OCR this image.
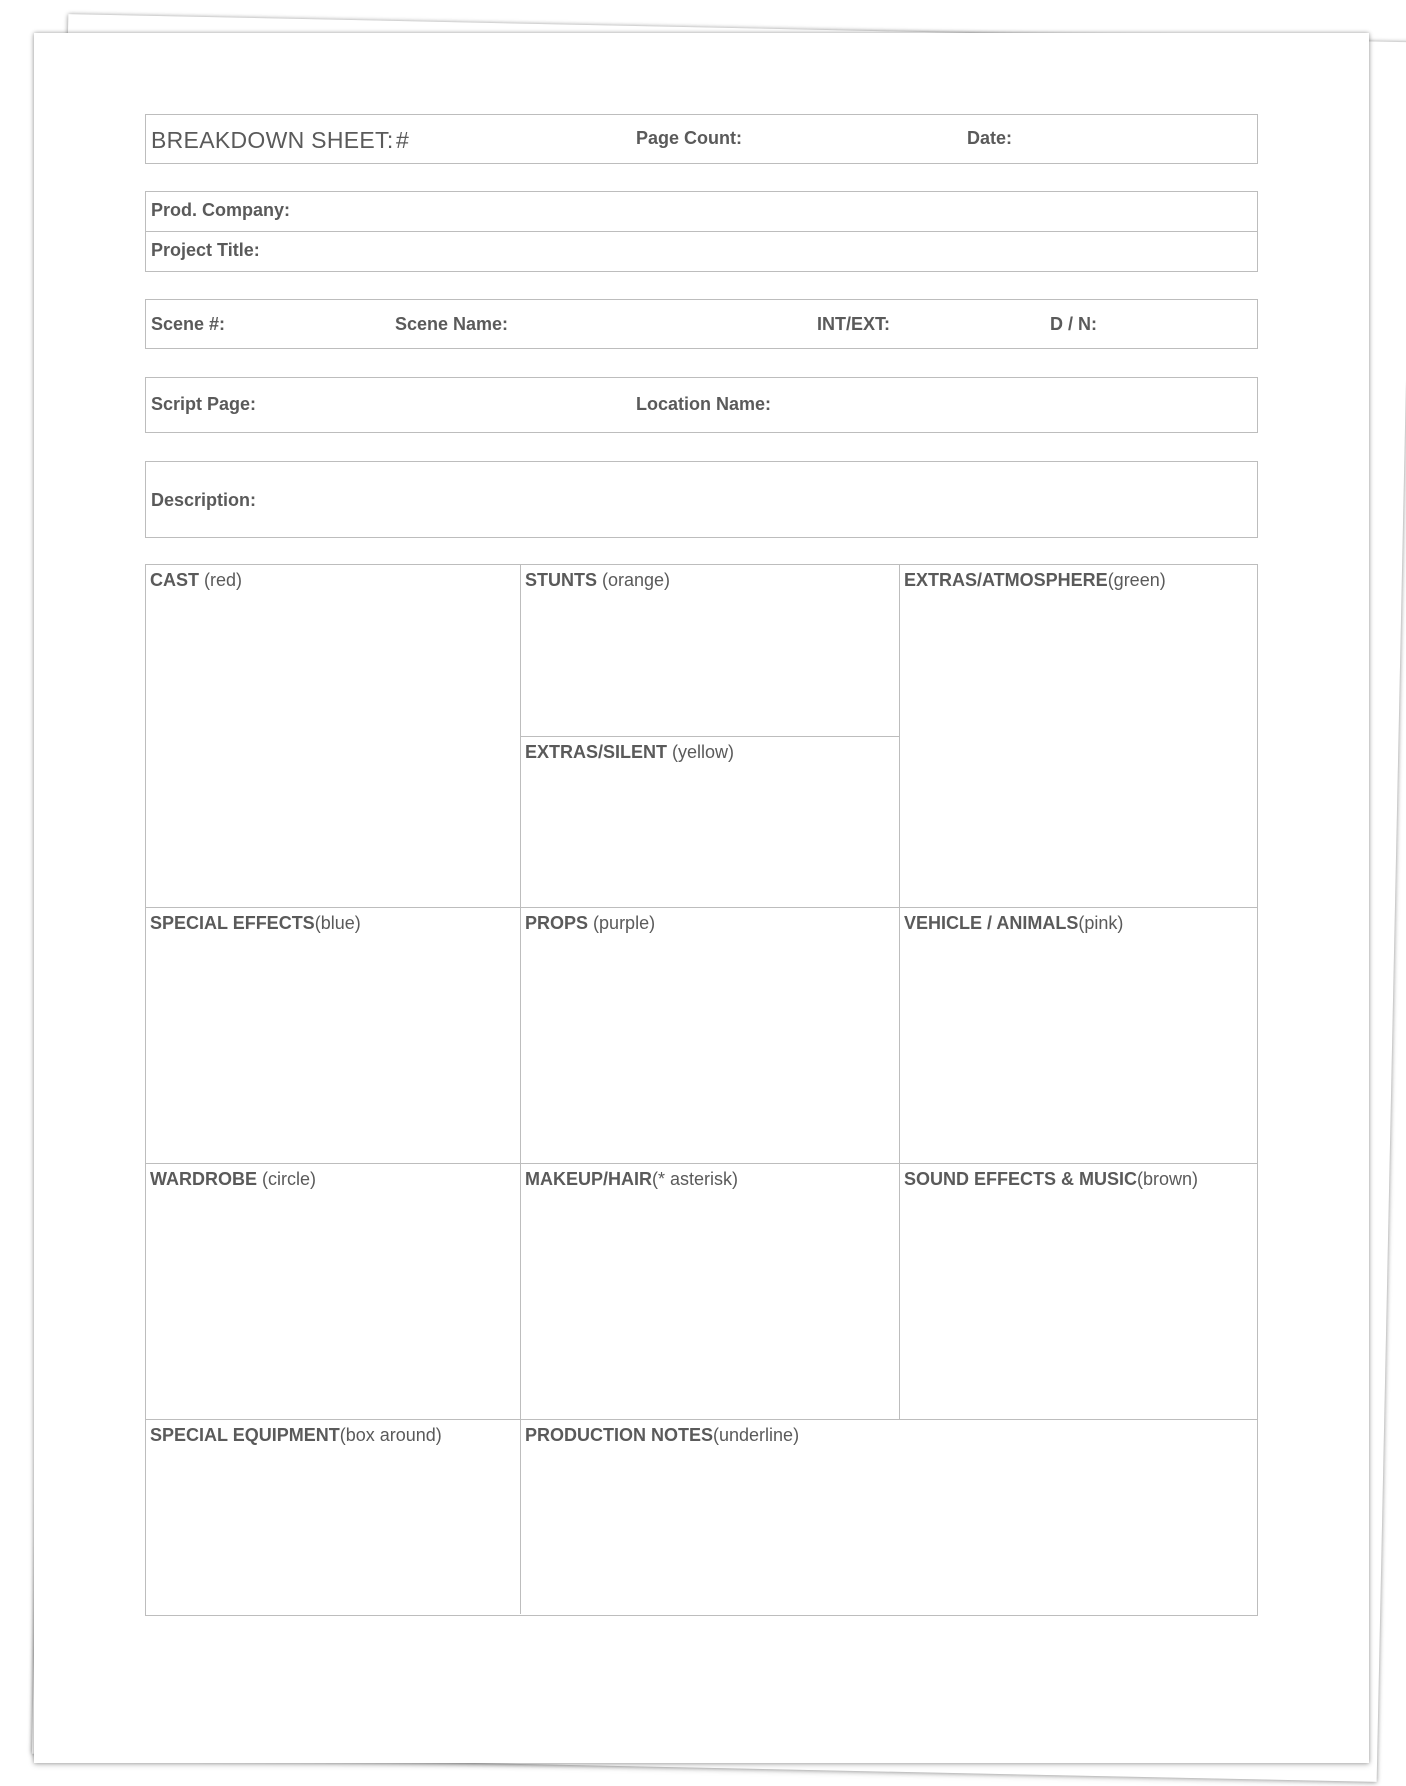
BREAKDOWN SHEET: #	Page Count:	Date:
Prod. Company:
Project Title:
Scene #:	Scene Name:	INT/EXT:	D / N:
Script Page:	Location Name:
Description:
CAST (red)	STUNTS (orange)
EXTRAS/SILENT (yellow)
EXTRAS/ATMOSPHERE(green)
SPECIAL EFFECTS(blue)	PROPS (purple)	VEHICLE / ANIMALS(pink)
WARDROBE (circle)	MAKEUP/HAIR(* asterisk)	SOUND EFFECTS & MUSIC(brown)
SPECIAL EQUIPMENT(box around)	PRODUCTION NOTES(underline)
